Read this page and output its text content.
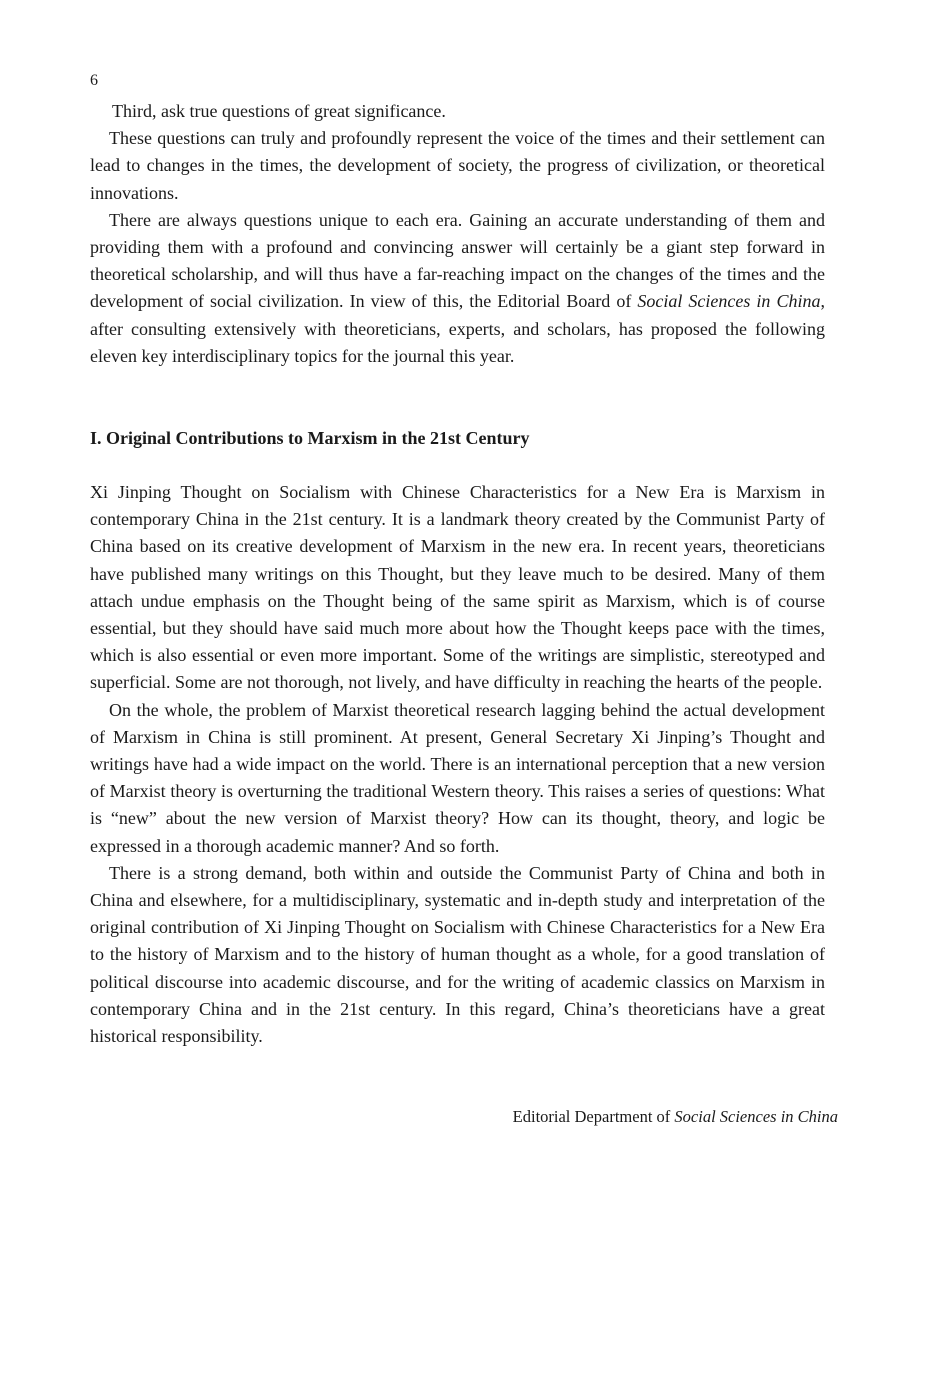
6

Third, ask true questions of great significance.

These questions can truly and profoundly represent the voice of the times and their settlement can lead to changes in the times, the development of society, the progress of civilization, or theoretical innovations.

There are always questions unique to each era. Gaining an accurate understanding of them and providing them with a profound and convincing answer will certainly be a giant step forward in theoretical scholarship, and will thus have a far-reaching impact on the changes of the times and the development of social civilization. In view of this, the Editorial Board of Social Sciences in China, after consulting extensively with theoreticians, experts, and scholars, has proposed the following eleven key interdisciplinary topics for the journal this year.

I. Original Contributions to Marxism in the 21st Century

Xi Jinping Thought on Socialism with Chinese Characteristics for a New Era is Marxism in contemporary China in the 21st century. It is a landmark theory created by the Communist Party of China based on its creative development of Marxism in the new era. In recent years, theoreticians have published many writings on this Thought, but they leave much to be desired. Many of them attach undue emphasis on the Thought being of the same spirit as Marxism, which is of course essential, but they should have said much more about how the Thought keeps pace with the times, which is also essential or even more important. Some of the writings are simplistic, stereotyped and superficial. Some are not thorough, not lively, and have difficulty in reaching the hearts of the people.

On the whole, the problem of Marxist theoretical research lagging behind the actual development of Marxism in China is still prominent. At present, General Secretary Xi Jinping’s Thought and writings have had a wide impact on the world. There is an international perception that a new version of Marxist theory is overturning the traditional Western theory. This raises a series of questions: What is “new” about the new version of Marxist theory? How can its thought, theory, and logic be expressed in a thorough academic manner? And so forth.

There is a strong demand, both within and outside the Communist Party of China and both in China and elsewhere, for a multidisciplinary, systematic and in-depth study and interpretation of the original contribution of Xi Jinping Thought on Socialism with Chinese Characteristics for a New Era to the history of Marxism and to the history of human thought as a whole, for a good translation of political discourse into academic discourse, and for the writing of academic classics on Marxism in contemporary China and in the 21st century. In this regard, China’s theoreticians have a great historical responsibility.

Editorial Department of Social Sciences in China
